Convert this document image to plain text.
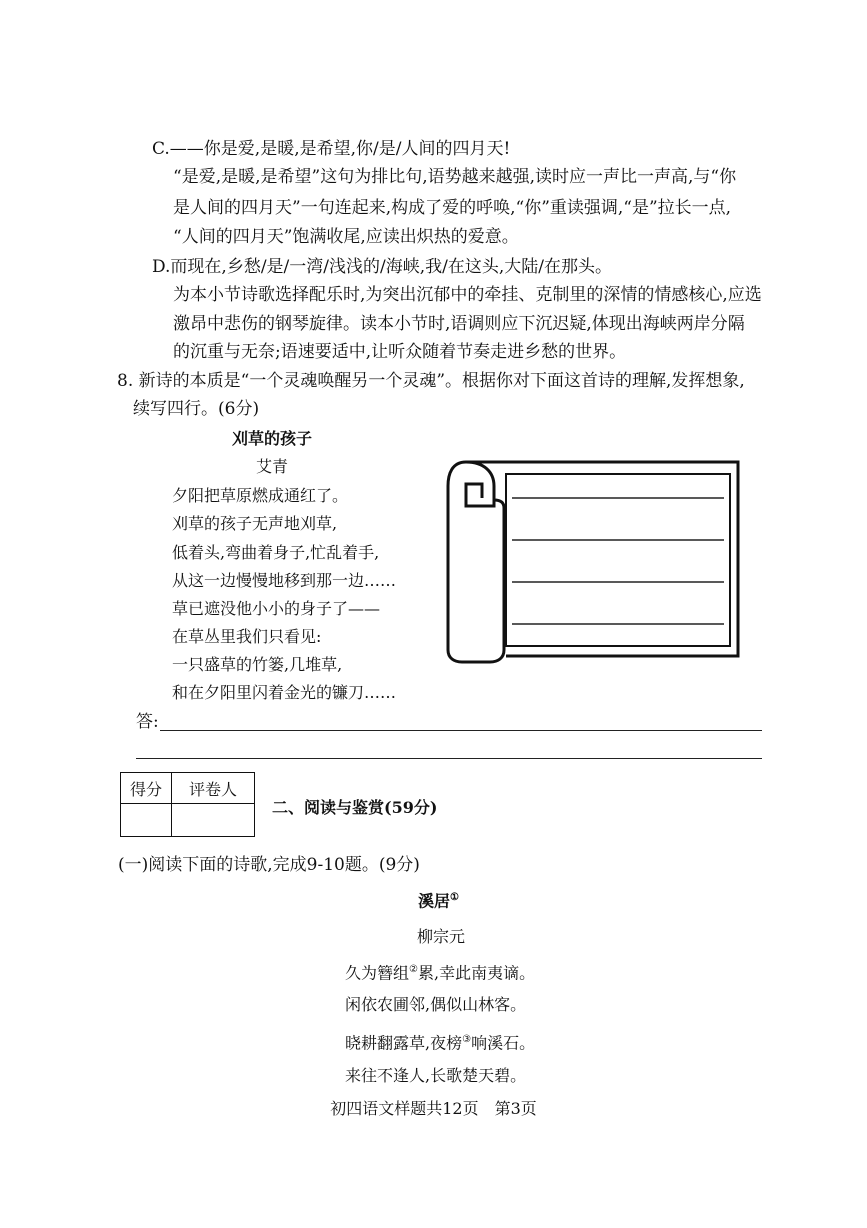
C.——你是爱,是暖,是希望,你/是/人间的四月天!
“是爱,是暖,是希望”这句为排比句,语势越来越强,读时应一声比一声高,与“你
是人间的四月天”一句连起来,构成了爱的呼唤,“你”重读强调,“是”拉长一点,
“人间的四月天”饱满收尾,应读出炽热的爱意。
D.而现在,乡愁/是/一湾/浅浅的/海峡,我/在这头,大陆/在那头。
为本小节诗歌选择配乐时,为突出沉郁中的牵挂、克制里的深情的情感核心,应选
激昂中悲伤的钢琴旋律。读本小节时,语调则应下沉迟疑,体现出海峡两岸分隔
的沉重与无奈;语速要适中,让听众随着节奏走进乡愁的世界。
8. 新诗的本质是“一个灵魂唤醒另一个灵魂”。根据你对下面这首诗的理解,发挥想象,
续写四行。(6分)
刈草的孩子
艾青
夕阳把草原燃成通红了。
刈草的孩子无声地刈草,
低着头,弯曲着身子,忙乱着手,
从这一边慢慢地移到那一边……
草已遮没他小小的身子了——
在草丛里我们只看见:
一只盛草的竹篓,几堆草,
和在夕阳里闪着金光的镰刀……
答:
得分	评卷人

二、阅读与鉴赏(59分)
(一)阅读下面的诗歌,完成9-10题。(9分)
溪居①
柳宗元
久为簪组②累,幸此南夷谪。
闲依农圃邻,偶似山林客。
晓耕翻露草,夜榜③响溪石。
来往不逢人,长歌楚天碧。
初四语文样题共12页　第3页
